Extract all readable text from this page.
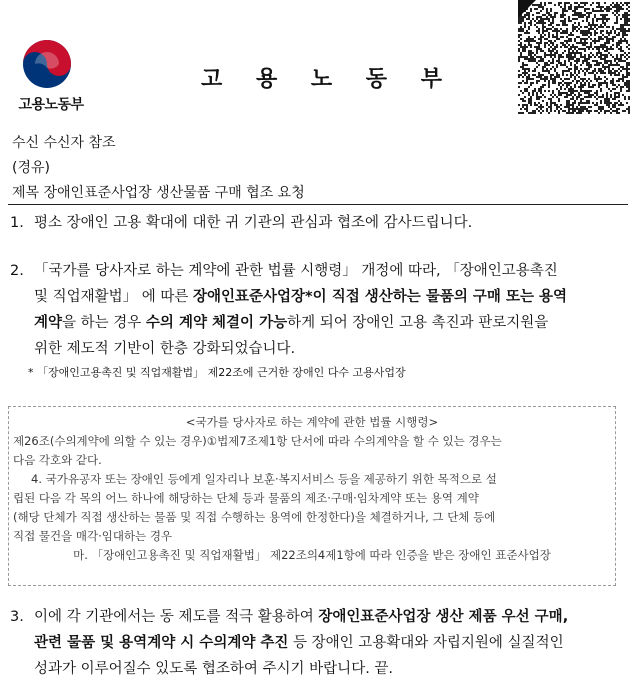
고용노동부
고 용 노 동 부
수신 수신자 참조
(경유)
제목 장애인표준사업장 생산물품 구매 협조 요청
1. 평소 장애인 고용 확대에 대한 귀 기관의 관심과 협조에 감사드립니다.
2. 「국가를 당사자로 하는 계약에 관한 법률 시행령」 개정에 따라, 「장애인고용촉진
및 직업재활법」 에 따른 장애인표준사업장*이 직접 생산하는 물품의 구매 또는 용역
계약을 하는 경우 수의 계약 체결이 가능하게 되어 장애인 고용 촉진과 판로지원을
위한 제도적 기반이 한층 강화되었습니다.
* 「장애인고용촉진 및 직업재활법」 제22조에 근거한 장애인 다수 고용사업장
<국가를 당사자로 하는 계약에 관한 법률 시행령>
제26조(수의계약에 의할 수 있는 경우)①법제7조제1항 단서에 따라 수의계약을 할 수 있는 경우는
다음 각호와 같다.
4. 국가유공자 또는 장애인 등에게 일자리나 보훈·복지서비스 등을 제공하기 위한 목적으로 설
립된 다음 각 목의 어느 하나에 해당하는 단체 등과 물품의 제조·구매·임차계약 또는 용역 계약
(해당 단체가 직접 생산하는 물품 및 직접 수행하는 용역에 한정한다)을 체결하거나, 그 단체 등에
직접 물건을 매각·임대하는 경우
마. 「장애인고용촉진 및 직업재활법」 제22조의4제1항에 따라 인증을 받은 장애인 표준사업장
3. 이에 각 기관에서는 동 제도를 적극 활용하여 장애인표준사업장 생산 제품 우선 구매,
관련 물품 및 용역계약 시 수의계약 추진 등 장애인 고용확대와 자립지원에 실질적인
성과가 이루어질수 있도록 협조하여 주시기 바랍니다. 끝.
